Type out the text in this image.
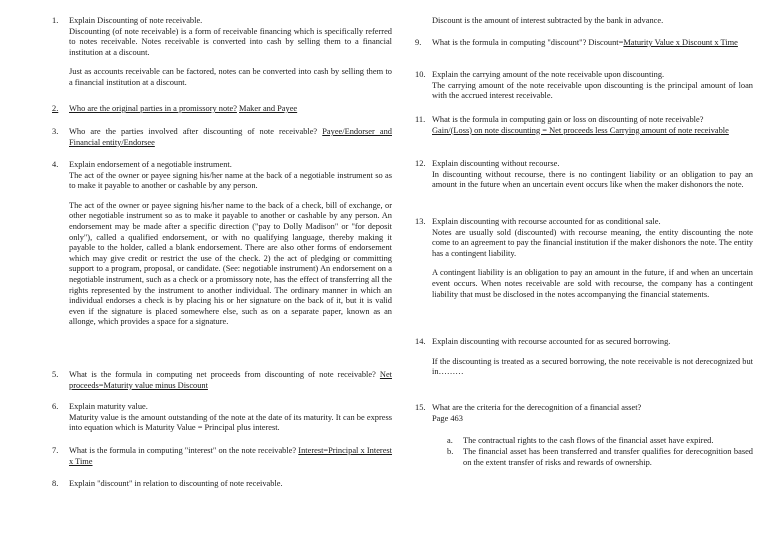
1. Explain Discounting of note receivable.
Discounting (of note receivable) is a form of receivable financing which is specifically referred to notes receivable. Notes receivable is converted into cash by selling them to a financial institution at a discount.
Just as accounts receivable can be factored, notes can be converted into cash by selling them to a financial institution at a discount.
2. Who are the original parties in a promissory note? Maker and Payee
3. Who are the parties involved after discounting of note receivable? Payee/Endorser and Financial entity/Endorsee
4. Explain endorsement of a negotiable instrument.
The act of the owner or payee signing his/her name at the back of a negotiable instrument so as to make it payable to another or cashable by any person.
The act of the owner or payee signing his/her name to the back of a check, bill of exchange, or other negotiable instrument so as to make it payable to another or cashable by any person. An endorsement may be made after a specific direction ("pay to Dolly Madison" or "for deposit only"), called a qualified endorsement, or with no qualifying language, thereby making it payable to the holder, called a blank endorsement. There are also other forms of endorsement which may give credit or restrict the use of the check. 2) the act of pledging or committing support to a program, proposal, or candidate. (See: negotiable instrument) An endorsement on a negotiable instrument, such as a check or a promissory note, has the effect of transferring all the rights represented by the instrument to another individual. The ordinary manner in which an individual endorses a check is by placing his or her signature on the back of it, but it is valid even if the signature is placed somewhere else, such as on a separate paper, known as an allonge, which provides a space for a signature.
5. What is the formula in computing net proceeds from discounting of note receivable? Net proceeds=Maturity value minus Discount
6. Explain maturity value.
Maturity value is the amount outstanding of the note at the date of its maturity. It can be express into equation which is Maturity Value = Principal plus interest.
7. What is the formula in computing "interest" on the note receivable? Interest=Principal x Interest x Time
8. Explain "discount" in relation to discounting of note receivable.
Discount is the amount of interest subtracted by the bank in advance.
9. What is the formula in computing "discount"? Discount=Maturity Value x Discount x Time
10. Explain the carrying amount of the note receivable upon discounting.
The carrying amount of the note receivable upon discounting is the principal amount of loan with the accrued interest receivable.
11. What is the formula in computing gain or loss on discounting of note receivable?
Gain/(Loss) on note discounting = Net proceeds less Carrying amount of note receivable
12. Explain discounting without recourse.
In discounting without recourse, there is no contingent liability or an obligation to pay an amount in the future when an uncertain event occurs like when the maker dishonors the note.
13. Explain discounting with recourse accounted for as conditional sale.
Notes are usually sold (discounted) with recourse meaning, the entity discounting the note come to an agreement to pay the financial institution if the maker dishonors the note. The entity has a contingent liability.
A contingent liability is an obligation to pay an amount in the future, if and when an uncertain event occurs. When notes receivable are sold with recourse, the company has a contingent liability that must be disclosed in the notes accompanying the financial statements.
14. Explain discounting with recourse accounted for as secured borrowing.
If the discounting is treated as a secured borrowing, the note receivable is not derecognized but in………
15. What are the criteria for the derecognition of a financial asset?
Page 463
a. The contractual rights to the cash flows of the financial asset have expired.
b. The financial asset has been transferred and transfer qualifies for derecognition based on the extent transfer of risks and rewards of ownership.
